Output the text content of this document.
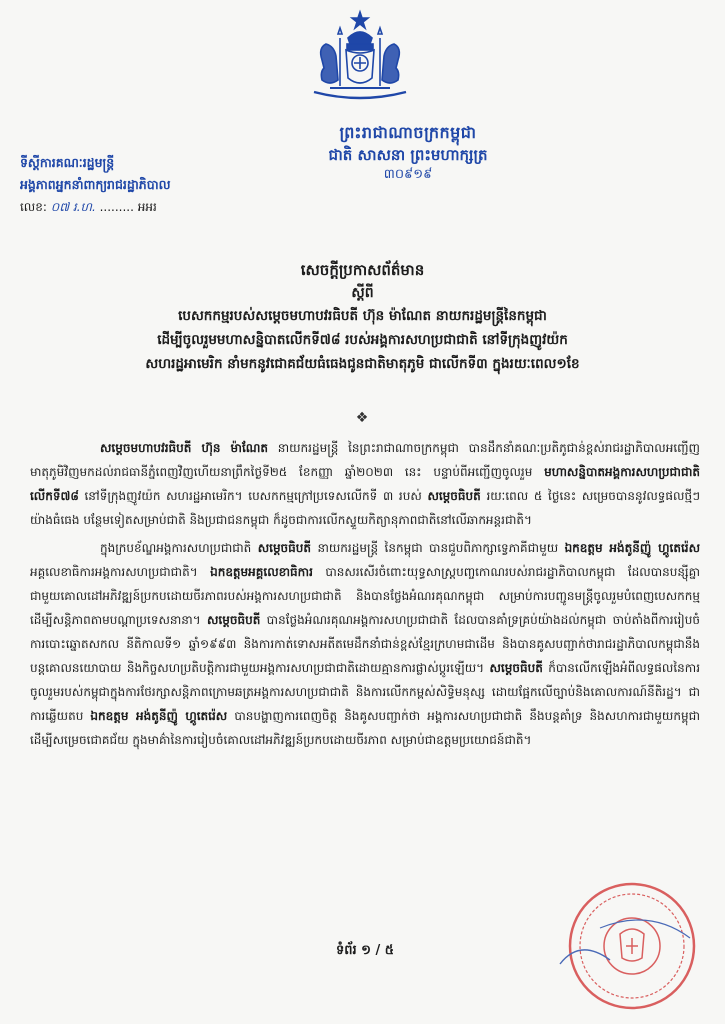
ព្រះរាជាណាចក្រកម្ពុជា
ជាតិ សាសនា ព្រះមហាក្សត្រ
៣០៩១៩
ទីស្តីការគណៈរដ្ឋមន្ត្រី
អង្គភាពអ្នកនាំពាក្យរាជរដ្ឋាភិបាល
លេខ: ០៧ រ.ហ. ......... អអរ
សេចក្តីប្រកាសព័ត៌មាន
ស្តីពី
បេសកកម្មរបស់សម្តេចមហាបវរធិបតី ហ៊ុន ម៉ាណែត នាយករដ្ឋមន្ត្រីនៃកម្ពុជា
ដើម្បីចូលរួមមហាសន្និបាតលើកទី៧៨ របស់អង្គការសហប្រជាជាតិ នៅទីក្រុងញូវយ៉ក
សហរដ្ឋអាមេរិក នាំមកនូវជោគជ័យធំធេងជូនជាតិមាតុភូមិ ជាលើកទី៣ ក្នុងរយៈពេល១ខែ
❖

សម្តេចមហាបវរធិបតី ហ៊ុន ម៉ាណែត នាយករដ្ឋមន្ត្រី នៃព្រះរាជាណាចក្រកម្ពុជា បានដឹកនាំគណៈប្រតិភូជាន់ខ្ពស់រាជរដ្ឋាភិបាលអញ្ជើញមាតុភូមិវិញមកដល់រាជធានីភ្នំពេញវិញហើយនាព្រឹកថ្ងៃទី២៥ ខែកញ្ញា ឆ្នាំ២០២៣ នេះ បន្ទាប់ពីអញ្ជើញចូលរួម មហាសន្និបាតអង្គការសហប្រជាជាតិលើកទី៧៨ នៅទីក្រុងញូវយ៉ក សហរដ្ឋអាមេរិក។ បេសកកម្មក្រៅប្រទេសលើកទី ៣ របស់ សម្តេចធិបតី រយៈពេល ៥ ថ្ងៃនេះ សម្រេចបាននូវលទ្ធផលថ្មីៗយ៉ាងធំធេង បន្ថែមទៀតសម្រាប់ជាតិ និងប្រជាជនកម្ពុជា ក៏ដូចជាការលើកស្ទួយកិត្យានុភាពជាតិនៅលើឆាកអន្តរជាតិ។

ក្នុងក្របខ័ណ្ឌអង្គការសហប្រជាជាតិ សម្តេចធិបតី នាយករដ្ឋមន្ត្រី នៃកម្ពុជា បានជួបពិភាក្សាទ្វេភាគីជាមួយ ឯកឧត្តម អង់តូនីញ៉ូ ហ្គូតេរ៉េស អគ្គលេខាធិការអង្គការសហប្រជាជាតិ។ ឯកឧត្តមអគ្គលេខាធិការ បានសរសើរចំពោះយុទ្ធសាស្រ្តបញ្ចកោណរបស់រាជរដ្ឋាភិបាលកម្ពុជា ដែលបានបន្សុីគ្នាជាមួយគោលដៅអភិវឌ្ឍន៍ប្រកបដោយចីរភាពរបស់អង្គការសហប្រជាជាតិ និងបានថ្លែងអំណរគុណកម្ពុជា សម្រាប់ការបញ្ជូនមន្ត្រីចូលរួមបំពេញបេសកកម្មដើម្បីសន្តិភាពតាមបណ្តាប្រទេសនានា។ សម្តេចធិបតី បានថ្លែងអំណរគុណអង្គការសហប្រជាជាតិ ដែលបានគាំទ្រគ្រប់យ៉ាងដល់កម្ពុជា ចាប់តាំងពីការរៀបចំការបោះឆ្នោតសកល នីតិកាលទី១ ឆ្នាំ១៩៩៣ និងការកាត់ទោសអតីតមេដឹកនាំជាន់ខ្ពស់ខ្មែរក្រហមជាដើម និងបានគូសបញ្ជាក់ថារាជរដ្ឋាភិបាលកម្ពុជានឹងបន្តគោលនយោបាយ និងកិច្ចសហប្រតិបត្តិការជាមួយអង្គការសហប្រជាជាតិដោយគ្មានការផ្លាស់ប្តូរឡើយ។ សម្តេចធិបតី ក៏បានលើកឡើងអំពីលទ្ធផលនៃការចូលរួមរបស់កម្ពុជាក្នុងការថែរក្សាសន្តិភាពក្រោមឆត្រអង្គការសហប្រជាជាតិ និងការលើកកម្ពស់សិទ្ធិមនុស្ស ដោយផ្អែកលើច្បាប់និងគោលការណ៍នីតិរដ្ឋ។ ជាការឆ្លើយតប ឯកឧត្តម អង់តូនីញ៉ូ ហ្គូតេរ៉េស បានបង្ហាញការពេញចិត្ត និងគូសបញ្ជាក់ថា អង្គការសហប្រជាជាតិ នឹងបន្តគាំទ្រ និងសហការជាមួយកម្ពុជា ដើម្បីសម្រេចជោគជ័យ ក្នុងមាគ៌ានៃការរៀបចំគោលដៅអភិវឌ្ឍន៍ប្រកបដោយចីរភាព សម្រាប់ជាឧត្តមប្រយោជន៍ជាតិ។

ទំព័រ ១ / ៥
